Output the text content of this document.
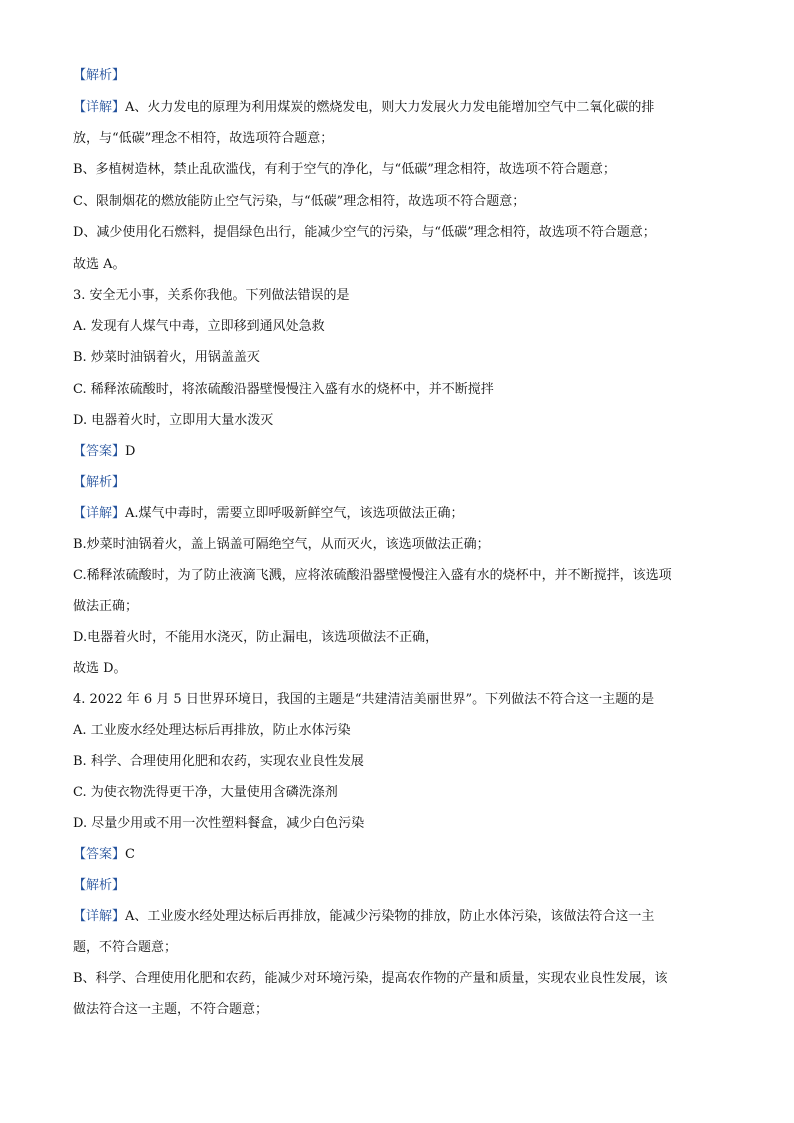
【解析】
【详解】A、火力发电的原理为利用煤炭的燃烧发电，则大力发展火力发电能增加空气中二氧化碳的排
放，与“低碳”理念不相符，故选项符合题意；
B、多植树造林，禁止乱砍滥伐，有利于空气的净化，与“低碳”理念相符，故选项不符合题意；
C、限制烟花的燃放能防止空气污染，与“低碳”理念相符，故选项不符合题意；
D、减少使用化石燃料，提倡绿色出行，能减少空气的污染，与“低碳”理念相符，故选项不符合题意；
故选 A。
3. 安全无小事，关系你我他。下列做法错误的是
A. 发现有人煤气中毒，立即移到通风处急救
B. 炒菜时油锅着火，用锅盖盖灭
C. 稀释浓硫酸时，将浓硫酸沿器壁慢慢注入盛有水的烧杯中，并不断搅拌
D. 电器着火时，立即用大量水泼灭
【答案】D
【解析】
【详解】A.煤气中毒时，需要立即呼吸新鲜空气，该选项做法正确；
B.炒菜时油锅着火，盖上锅盖可隔绝空气，从而灭火，该选项做法正确；
C.稀释浓硫酸时，为了防止液滴飞溅，应将浓硫酸沿器壁慢慢注入盛有水的烧杯中，并不断搅拌，该选项
做法正确；
D.电器着火时，不能用水浇灭，防止漏电，该选项做法不正确，
故选 D。
4. 2022 年 6 月 5 日世界环境日，我国的主题是“共建清洁美丽世界”。下列做法不符合这一主题的是
A. 工业废水经处理达标后再排放，防止水体污染
B. 科学、合理使用化肥和农药，实现农业良性发展
C. 为使衣物洗得更干净，大量使用含磷洗涤剂
D. 尽量少用或不用一次性塑料餐盒，减少白色污染
【答案】C
【解析】
【详解】A、工业废水经处理达标后再排放，能减少污染物的排放，防止水体污染，该做法符合这一主
题，不符合题意；
B、科学、合理使用化肥和农药，能减少对环境污染，提高农作物的产量和质量，实现农业良性发展，该
做法符合这一主题，不符合题意；
